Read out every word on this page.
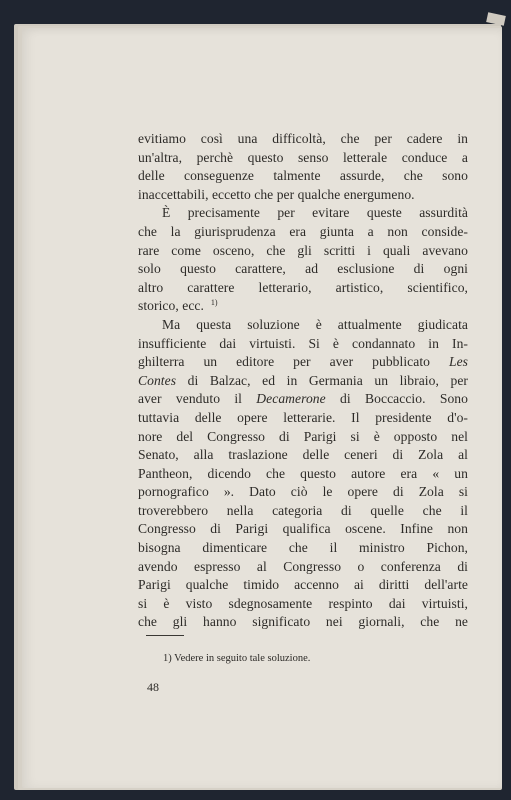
evitiamo così una difficoltà, che per cadere in
un'altra, perchè questo senso letterale conduce a
delle conseguenze talmente assurde, che sono
inaccettabili, eccetto che per qualche energumeno.

È precisamente per evitare queste assurdità
che la giurisprudenza era giunta a non conside-
rare come osceno, che gli scritti i quali avevano
solo questo carattere, ad esclusione di ogni
altro carattere letterario, artistico, scientifico,
storico, ecc. $^{1)}$

Ma questa soluzione è attualmente giudicata
insufficiente dai virtuisti. Si è condannato in In-
ghilterra un editore per aver pubblicato Les
Contes di Balzac, ed in Germania un libraio, per
aver venduto il Decamerone di Boccaccio. Sono
tuttavia delle opere letterarie. Il presidente d'o-
nore del Congresso di Parigi si è opposto nel
Senato, alla traslazione delle ceneri di Zola al
Pantheon, dicendo che questo autore era « un
pornografico ». Dato ciò le opere di Zola si
troverebbero nella categoria di quelle che il
Congresso di Parigi qualifica oscene. Infine non
bisogna dimenticare che il ministro Pichon,
avendo espresso al Congresso o conferenza di
Parigi qualche timido accenno ai diritti dell'arte
si è visto sdegnosamente respinto dai virtuisti,
che gli hanno significato nei giornali, che ne

1) Vedere in seguito tale soluzione.
48
